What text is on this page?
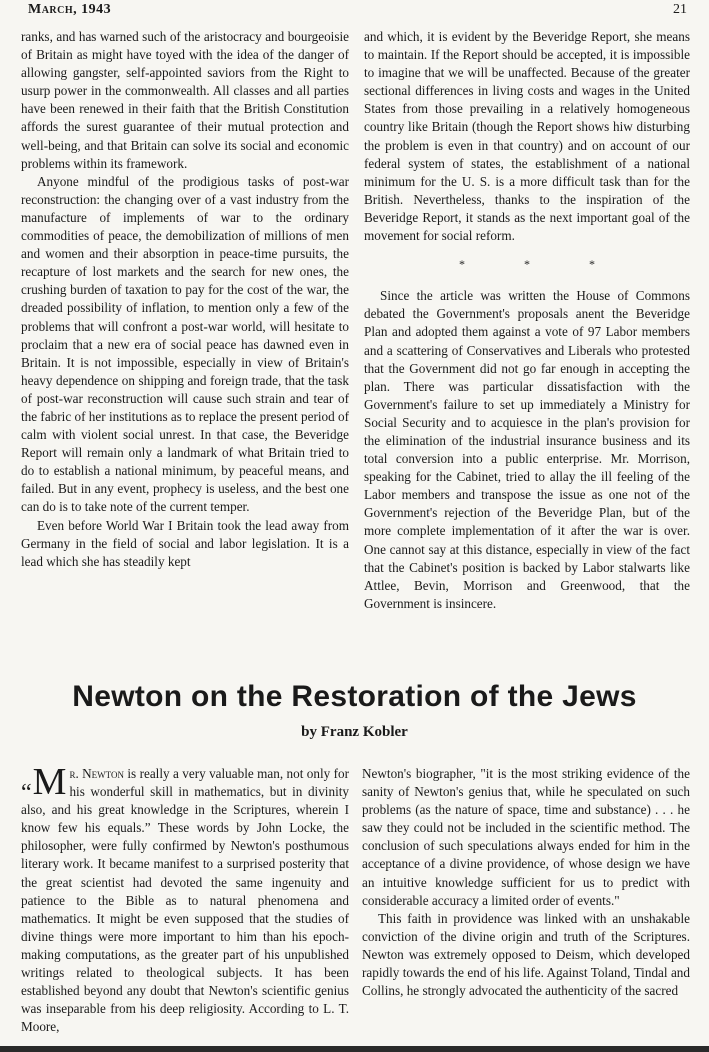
March, 1943	21

ranks, and has warned such of the aristocracy and bourgeoisie of Britain as might have toyed with the idea of the danger of allowing gangster, self-appointed saviors from the Right to usurp power in the commonwealth. All classes and all parties have been renewed in their faith that the British Constitution affords the surest guarantee of their mutual protection and well-being, and that Britain can solve its social and economic problems within its framework.

Anyone mindful of the prodigious tasks of post-war reconstruction: the changing over of a vast industry from the manufacture of implements of war to the ordinary commodities of peace, the demobilization of millions of men and women and their absorption in peace-time pursuits, the recapture of lost markets and the search for new ones, the crushing burden of taxation to pay for the cost of the war, the dreaded possibility of inflation, to mention only a few of the problems that will confront a post-war world, will hesitate to proclaim that a new era of social peace has dawned even in Britain. It is not impossible, especially in view of Britain's heavy dependence on shipping and foreign trade, that the task of post-war reconstruction will cause such strain and tear of the fabric of her institutions as to replace the present period of calm with violent social unrest. In that case, the Beveridge Report will remain only a landmark of what Britain tried to do to establish a national minimum, by peaceful means, and failed. But in any event, prophecy is useless, and the best one can do is to take note of the current temper.

Even before World War I Britain took the lead away from Germany in the field of social and labor legislation. It is a lead which she has steadily kept

and which, it is evident by the Beveridge Report, she means to maintain. If the Report should be accepted, it is impossible to imagine that we will be unaffected. Because of the greater sectional differences in living costs and wages in the United States from those prevailing in a relatively homogeneous country like Britain (though the Report shows hiw disturbing the problem is even in that country) and on account of our federal system of states, the establishment of a national minimum for the U. S. is a more difficult task than for the British. Nevertheless, thanks to the inspiration of the Beveridge Report, it stands as the next important goal of the movement for social reform.

* * *

Since the article was written the House of Commons debated the Government's proposals anent the Beveridge Plan and adopted them against a vote of 97 Labor members and a scattering of Conservatives and Liberals who protested that the Government did not go far enough in accepting the plan. There was particular dissatisfaction with the Government's failure to set up immediately a Ministry for Social Security and to acquiesce in the plan's provision for the elimination of the industrial insurance business and its total conversion into a public enterprise. Mr. Morrison, speaking for the Cabinet, tried to allay the ill feeling of the Labor members and transpose the issue as one not of the Government's rejection of the Beveridge Plan, but of the more complete implementation of it after the war is over. One cannot say at this distance, especially in view of the fact that the Cabinet's position is backed by Labor stalwarts like Attlee, Bevin, Morrison and Greenwood, that the Government is insincere.

Newton on the Restoration of the Jews
by Franz Kobler

“M r. Newton is really a very valuable man, not only for his wonderful skill in mathematics, but in divinity also, and his great knowledge in the Scriptures, wherein I know few his equals.” These words by John Locke, the philosopher, were fully confirmed by Newton's posthumous literary work. It became manifest to a surprised posterity that the great scientist had devoted the same ingenuity and patience to the Bible as to natural phenomena and mathematics. It might be even supposed that the studies of divine things were more important to him than his epoch-making computations, as the greater part of his unpublished writings related to theological subjects. It has been established beyond any doubt that Newton's scientific genius was inseparable from his deep religiosity. According to L. T. Moore,

Newton's biographer, "it is the most striking evidence of the sanity of Newton's genius that, while he speculated on such problems (as the nature of space, time and substance) . . . he saw they could not be included in the scientific method. The conclusion of such speculations always ended for him in the acceptance of a divine providence, of whose design we have an intuitive knowledge sufficient for us to predict with considerable accuracy a limited order of events."

This faith in providence was linked with an unshakable conviction of the divine origin and truth of the Scriptures. Newton was extremely opposed to Deism, which developed rapidly towards the end of his life. Against Toland, Tindal and Collins, he strongly advocated the authenticity of the sacred
